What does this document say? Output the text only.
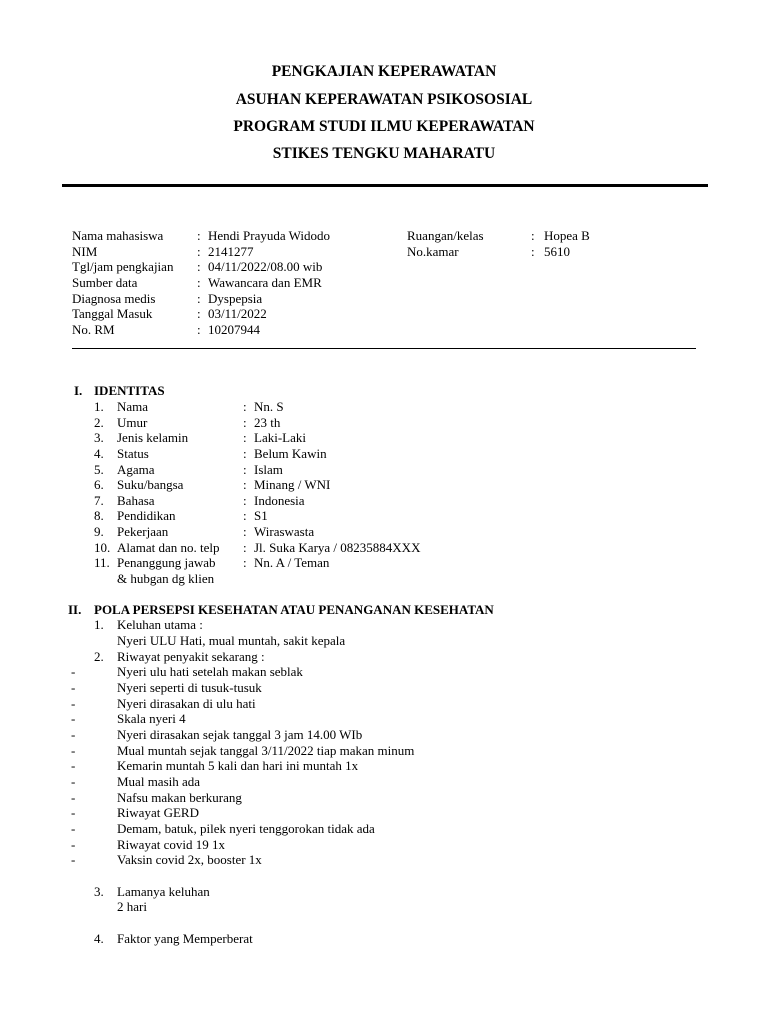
PENGKAJIAN KEPERAWATAN
ASUHAN KEPERAWATAN PSIKOSOSIAL
PROGRAM STUDI ILMU KEPERAWATAN
STIKES TENGKU MAHARATU
Nama mahasiswa	: Hendi Prayuda Widodo
NIM	: 2141277
Tgl/jam pengkajian : 04/11/2022/08.00 wib
Sumber data	: Wawancara dan EMR
Diagnosa medis	: Dyspepsia
Tanggal Masuk	: 03/11/2022
No. RM	: 10207944
Ruangan/kelas	: Hopea B
No.kamar	: 5610
I. IDENTITAS
1. Nama	: Nn. S
2. Umur	: 23 th
3. Jenis kelamin	: Laki-Laki
4. Status	: Belum Kawin
5. Agama	: Islam
6. Suku/bangsa	: Minang / WNI
7. Bahasa	: Indonesia
8. Pendidikan	: S1
9. Pekerjaan	: Wiraswasta
10. Alamat dan no. telp : Jl. Suka Karya / 08235884XXX
11. Penanggung jawab : Nn. A / Teman
& hubgan dg klien
II. POLA PERSEPSI KESEHATAN ATAU PENANGANAN KESEHATAN
1. Keluhan utama :
Nyeri ULU Hati, mual muntah, sakit kepala
2. Riwayat penyakit sekarang :
-	Nyeri ulu hati setelah makan seblak
-	Nyeri seperti di tusuk-tusuk
-	Nyeri dirasakan di ulu hati
-	Skala nyeri 4
-	Nyeri dirasakan sejak tanggal 3 jam 14.00 WIb
-	Mual muntah sejak tanggal 3/11/2022 tiap makan minum
-	Kemarin muntah 5 kali dan hari ini muntah 1x
-	Mual masih ada
-	Nafsu makan berkurang
-	Riwayat GERD
-	Demam, batuk, pilek nyeri tenggorokan tidak ada
-	Riwayat covid 19 1x
-	Vaksin covid 2x, booster 1x
3. Lamanya keluhan
2 hari
4. Faktor yang Memperberat
